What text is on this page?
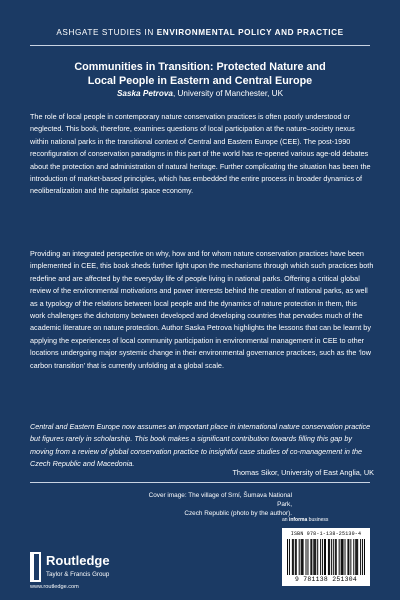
ASHGATE STUDIES IN ENVIRONMENTAL POLICY AND PRACTICE
Communities in Transition: Protected Nature and
Local People in Eastern and Central Europe
Saska Petrova, University of Manchester, UK

The role of local people in contemporary nature conservation practices is often poorly understood or neglected. This book, therefore, examines questions of local participation at the nature–society nexus within national parks in the transitional context of Central and Eastern Europe (CEE). The post-1990 reconfiguration of conservation paradigms in this part of the world has re-opened various age-old debates about the protection and administration of natural heritage. Further complicating the situation has been the introduction of market-based principles, which has embedded the entire process in broader dynamics of neoliberalization and the capitalist space economy.

Providing an integrated perspective on why, how and for whom nature conservation practices have been implemented in CEE, this book sheds further light upon the mechanisms through which such practices both redefine and are affected by the everyday life of people living in national parks. Offering a critical global review of the environmental motivations and power interests behind the creation of national parks, as well as a typology of the relations between local people and the dynamics of nature protection in them, this work challenges the dichotomy between developed and developing countries that pervades much of the academic literature on nature protection. Author Saska Petrova highlights the lessons that can be learnt by applying the experiences of local community participation in environmental management in CEE to other locations undergoing major systemic change in their environmental governance practices, such as the ‘low carbon transition’ that is currently unfolding at a global scale.

Central and Eastern Europe now assumes an important place in international nature conservation practice but figures rarely in scholarship. This book makes a significant contribution towards filling this gap by moving from a review of global conservation practice to insightful case studies of co-management in the Czech Republic and Macedonia.

Thomas Sikor, University of East Anglia, UK
Cover image: The village of Srní, Šumava National Park,
Czech Republic (photo by the author).
an informa business
ISBN 978-1-138-25130-4
9 781138 251304
Routledge
Taylor & Francis Group
www.routledge.com
